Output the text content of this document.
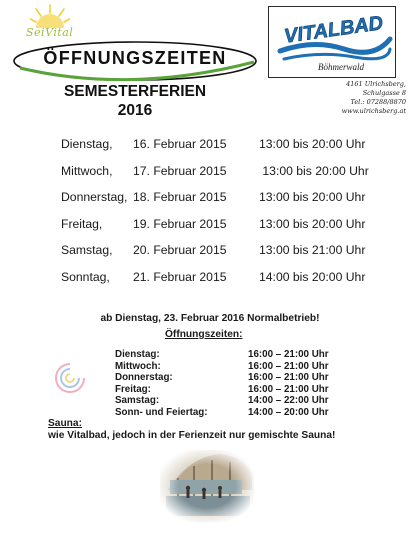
SeiVital
ÖFFNUNGSZEITEN
VITALBAD
Böhmerwald
4161 Ulrichsberg,
Schulgasse 8
Tel.: 07288/8870
www.ulrichsberg.at
SEMESTERFERIEN
2016
Dienstag, 16. Februar 2015	13:00 bis 20:00 Uhr
Mittwoch, 17. Februar 2015	13:00 bis 20:00 Uhr
Donnerstag, 18. Februar 2015	13:00 bis 20:00 Uhr
Freitag,	19. Februar 2015	13:00 bis 20:00 Uhr
Samstag, 20. Februar 2015	13:00 bis 21:00 Uhr
Sonntag, 21. Februar 2015	14:00 bis 20:00 Uhr
ab Dienstag, 23. Februar 2016 Normalbetrieb!
Öffnungszeiten:
Dienstag:	16:00 – 21:00 Uhr
Mittwoch:	16:00 – 21:00 Uhr
Donnerstag:	16:00 – 21:00 Uhr
Freitag:	16:00 – 21:00 Uhr
Samstag:	14:00 – 22:00 Uhr
Sonn- und Feiertag:	14:00 – 20:00 Uhr
Sauna:
wie Vitalbad, jedoch in der Ferienzeit nur gemischte Sauna!
